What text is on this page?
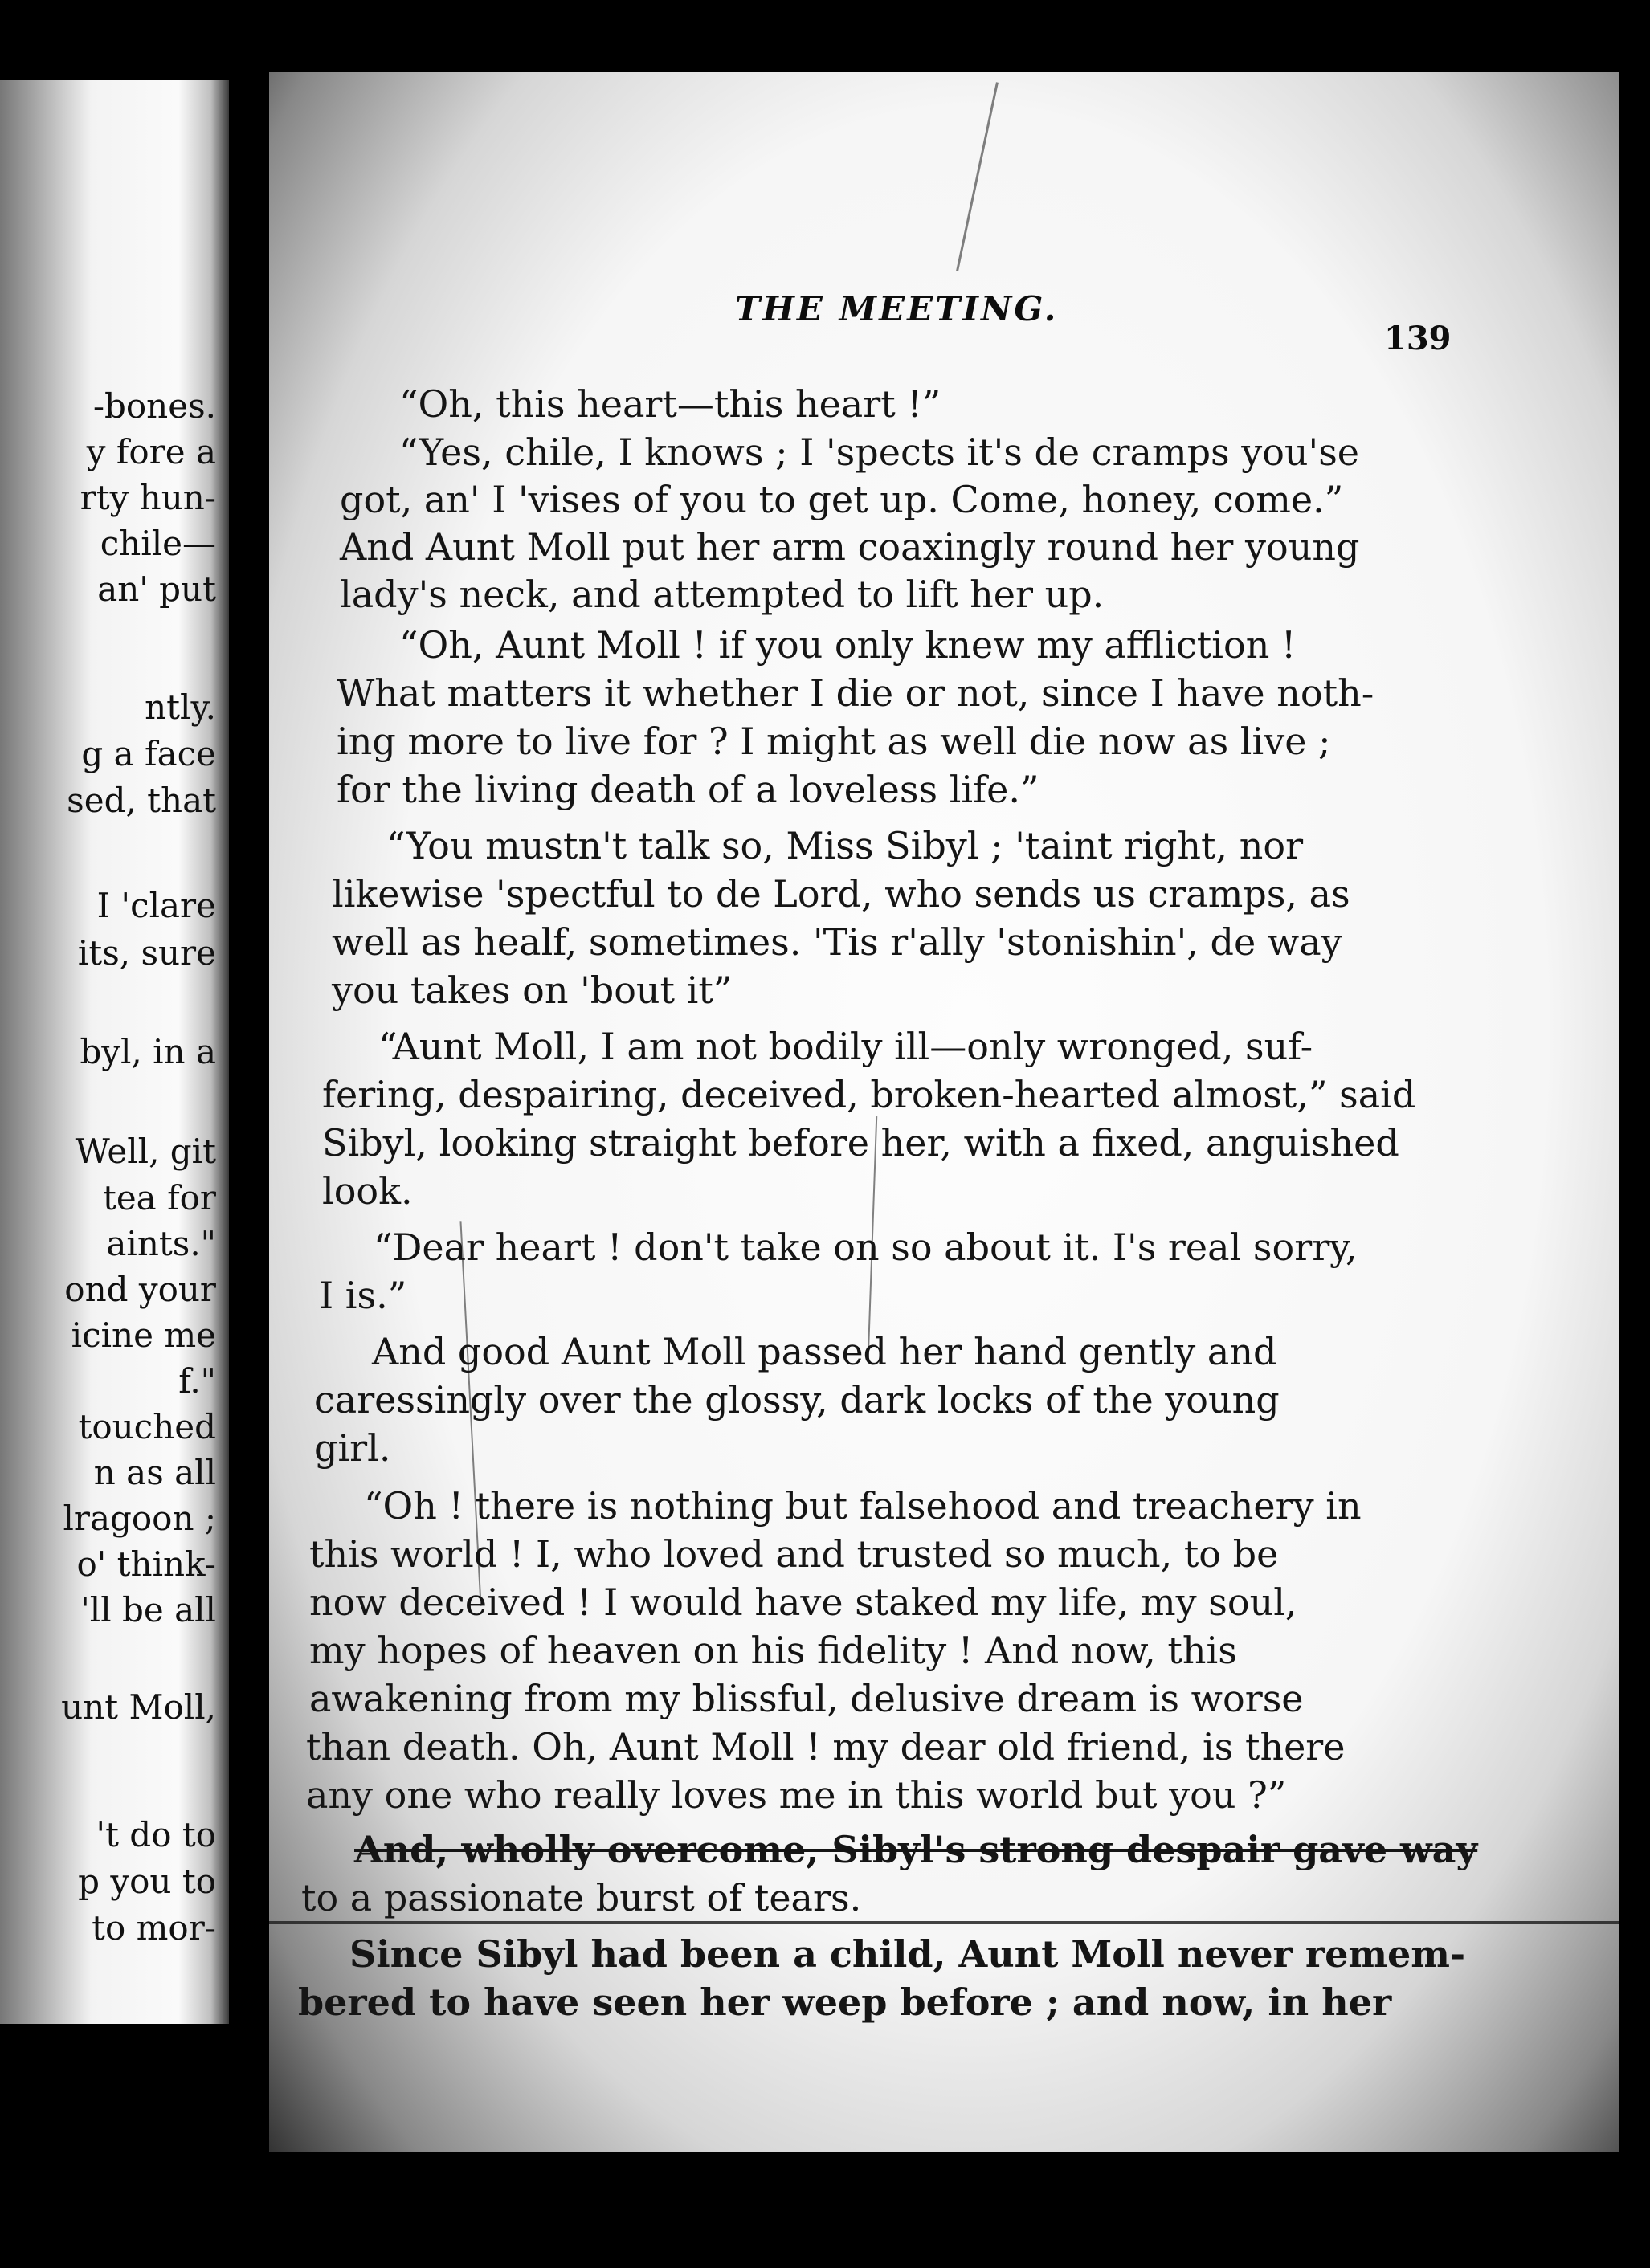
-bones.
y fore a
rty hun-
chile—
an' put
ntly.
g a face
sed, that
I 'clare
its, sure
byl, in a
Well, git
tea for
aints."
ond your
icine me
f."
touched
n as all
lragoon ;
o' think-
'll be all
unt Moll,
't do to
p you to
to mor-
THE MEETING.
139
“Oh, this heart—this heart !”
“Yes, chile, I knows ; I 'spects it's de cramps you'se
got, an' I 'vises of you to get up. Come, honey, come.”
And Aunt Moll put her arm coaxingly round her young
lady's neck, and attempted to lift her up.
“Oh, Aunt Moll ! if you only knew my affliction !
What matters it whether I die or not, since I have noth-
ing more to live for ? I might as well die now as live ;
for the living death of a loveless life.”
“You mustn't talk so, Miss Sibyl ; 'taint right, nor
likewise 'spectful to de Lord, who sends us cramps, as
well as healf, sometimes. 'Tis r'ally 'stonishin', de way
you takes on 'bout it”
“Aunt Moll, I am not bodily ill—only wronged, suf-
fering, despairing, deceived, broken-hearted almost,” said
Sibyl, looking straight before her, with a fixed, anguished
look.
“Dear heart ! don't take on so about it. I's real sorry,
I is.”
And good Aunt Moll passed her hand gently and
caressingly over the glossy, dark locks of the young
girl.
“Oh ! there is nothing but falsehood and treachery in
this world ! I, who loved and trusted so much, to be
now deceived ! I would have staked my life, my soul,
my hopes of heaven on his fidelity ! And now, this
awakening from my blissful, delusive dream is worse
than death. Oh, Aunt Moll ! my dear old friend, is there
any one who really loves me in this world but you ?”
And, wholly overcome, Sibyl's strong despair gave way
to a passionate burst of tears.
Since Sibyl had been a child, Aunt Moll never remem-
bered to have seen her weep before ; and now, in her
